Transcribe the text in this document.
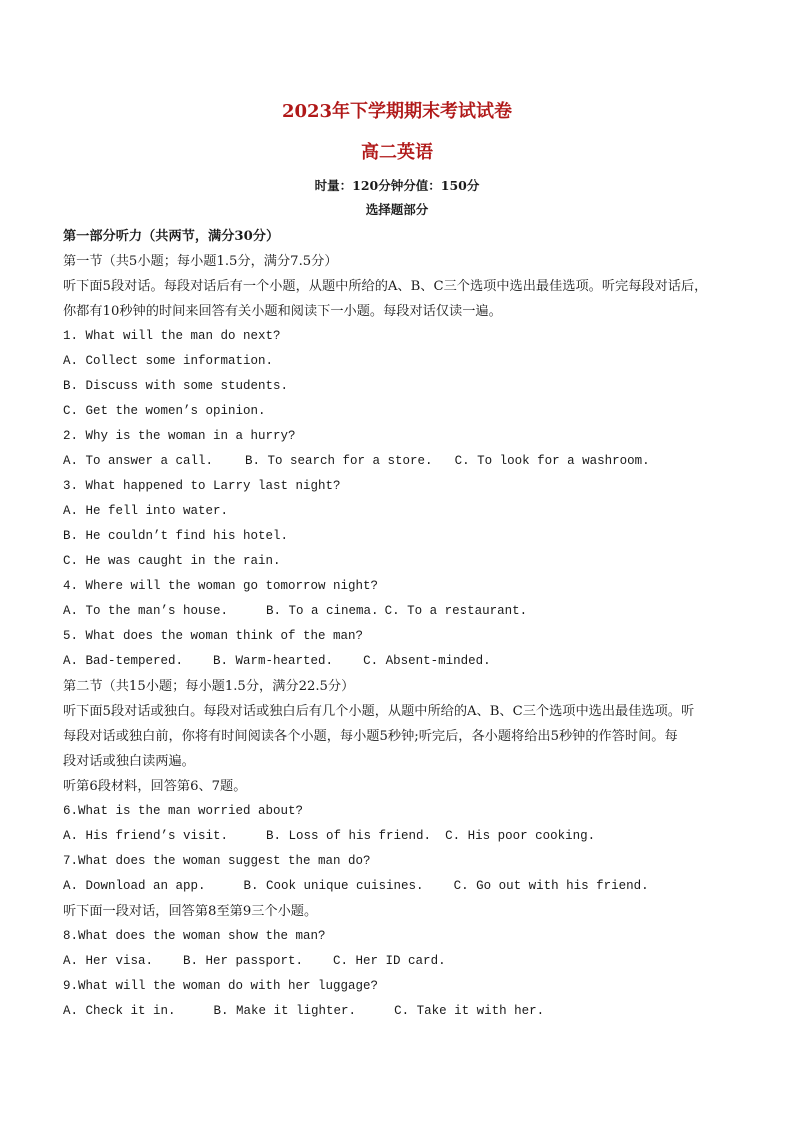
2023年下学期期末考试试卷
高二英语
时量：120分钟分值：150分
选择题部分
第一部分听力（共两节，满分30分）
第一节（共5小题；每小题1.5分，满分7.5分）
听下面5段对话。每段对话后有一个小题，从题中所给的A、B、C三个选项中选出最佳选项。听完每段对话后，
你都有10秒钟的时间来回答有关小题和阅读下一小题。每段对话仅读一遍。
1. What will the man do next?
A. Collect some information.
B. Discuss with some students.
C. Get the women’s opinion.
2. Why is the woman in a hurry?
A. To answer a call.	B. To search for a store. C. To look for a washroom.
3. What happened to Larry last night?
A. He fell into water.
B. He couldn’t find his hotel.
C. He was caught in the rain.
4. Where will the woman go tomorrow night?
A. To the man’s house.	B. To a cinema. C. To a restaurant.
5. What does the woman think of the man?
A. Bad-tempered. B. Warm-hearted. C. Absent-minded.
第二节（共15小题；每小题1.5分，满分22.5分）
听下面5段对话或独白。每段对话或独白后有几个小题，从题中所给的A、B、C三个选项中选出最佳选项。听
每段对话或独白前，你将有时间阅读各个小题，每小题5秒钟;听完后，各小题将给出5秒钟的作答时间。每
段对话或独白读两遍。
听第6段材料，回答第6、7题。
6.What is the man worried about?
A. His friend’s visit.	B. Loss of his friend. C. His poor cooking.
7.What does the woman suggest the man do?
A. Download an app.	B. Cook unique cuisines. C. Go out with his friend.
听下面一段对话，回答第8至第9三个小题。
8.What does the woman show the man?
A. Her visa. B. Her passport. C. Her ID card.
9.What will the woman do with her luggage?
A. Check it in.	B. Make it lighter.	C. Take it with her.
